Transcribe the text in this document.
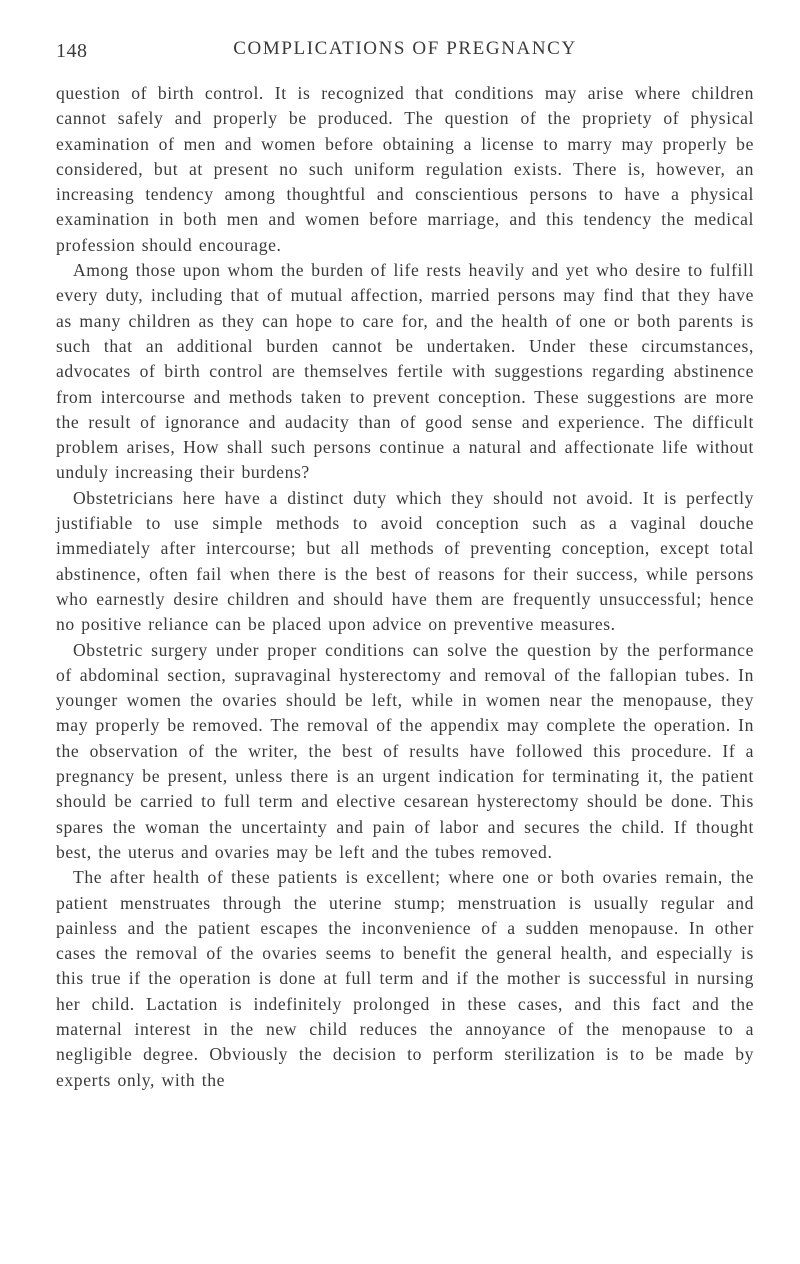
148	COMPLICATIONS OF PREGNANCY

question of birth control. It is recognized that conditions may arise where children cannot safely and properly be produced. The question of the propriety of physical examination of men and women before obtaining a license to marry may properly be considered, but at present no such uniform regulation exists. There is, however, an increasing tendency among thoughtful and conscientious persons to have a physical examination in both men and women before marriage, and this tendency the medical profession should encourage.

Among those upon whom the burden of life rests heavily and yet who desire to fulfill every duty, including that of mutual affection, married persons may find that they have as many children as they can hope to care for, and the health of one or both parents is such that an additional burden cannot be undertaken. Under these circumstances, advocates of birth control are themselves fertile with suggestions regarding abstinence from intercourse and methods taken to prevent conception. These suggestions are more the result of ignorance and audacity than of good sense and experience. The difficult problem arises, How shall such persons continue a natural and affectionate life without unduly increasing their burdens?

Obstetricians here have a distinct duty which they should not avoid. It is perfectly justifiable to use simple methods to avoid conception such as a vaginal douche immediately after intercourse; but all methods of preventing conception, except total abstinence, often fail when there is the best of reasons for their success, while persons who earnestly desire children and should have them are frequently unsuccessful; hence no positive reliance can be placed upon advice on preventive measures.

Obstetric surgery under proper conditions can solve the question by the performance of abdominal section, supravaginal hysterectomy and removal of the fallopian tubes. In younger women the ovaries should be left, while in women near the menopause, they may properly be removed. The removal of the appendix may complete the operation. In the observation of the writer, the best of results have followed this procedure. If a pregnancy be present, unless there is an urgent indication for terminating it, the patient should be carried to full term and elective cesarean hysterectomy should be done. This spares the woman the uncertainty and pain of labor and secures the child. If thought best, the uterus and ovaries may be left and the tubes removed.

The after health of these patients is excellent; where one or both ovaries remain, the patient menstruates through the uterine stump; menstruation is usually regular and painless and the patient escapes the inconvenience of a sudden menopause. In other cases the removal of the ovaries seems to benefit the general health, and especially is this true if the operation is done at full term and if the mother is successful in nursing her child. Lactation is indefinitely prolonged in these cases, and this fact and the maternal interest in the new child reduces the annoyance of the menopause to a negligible degree. Obviously the decision to perform sterilization is to be made by experts only, with the
